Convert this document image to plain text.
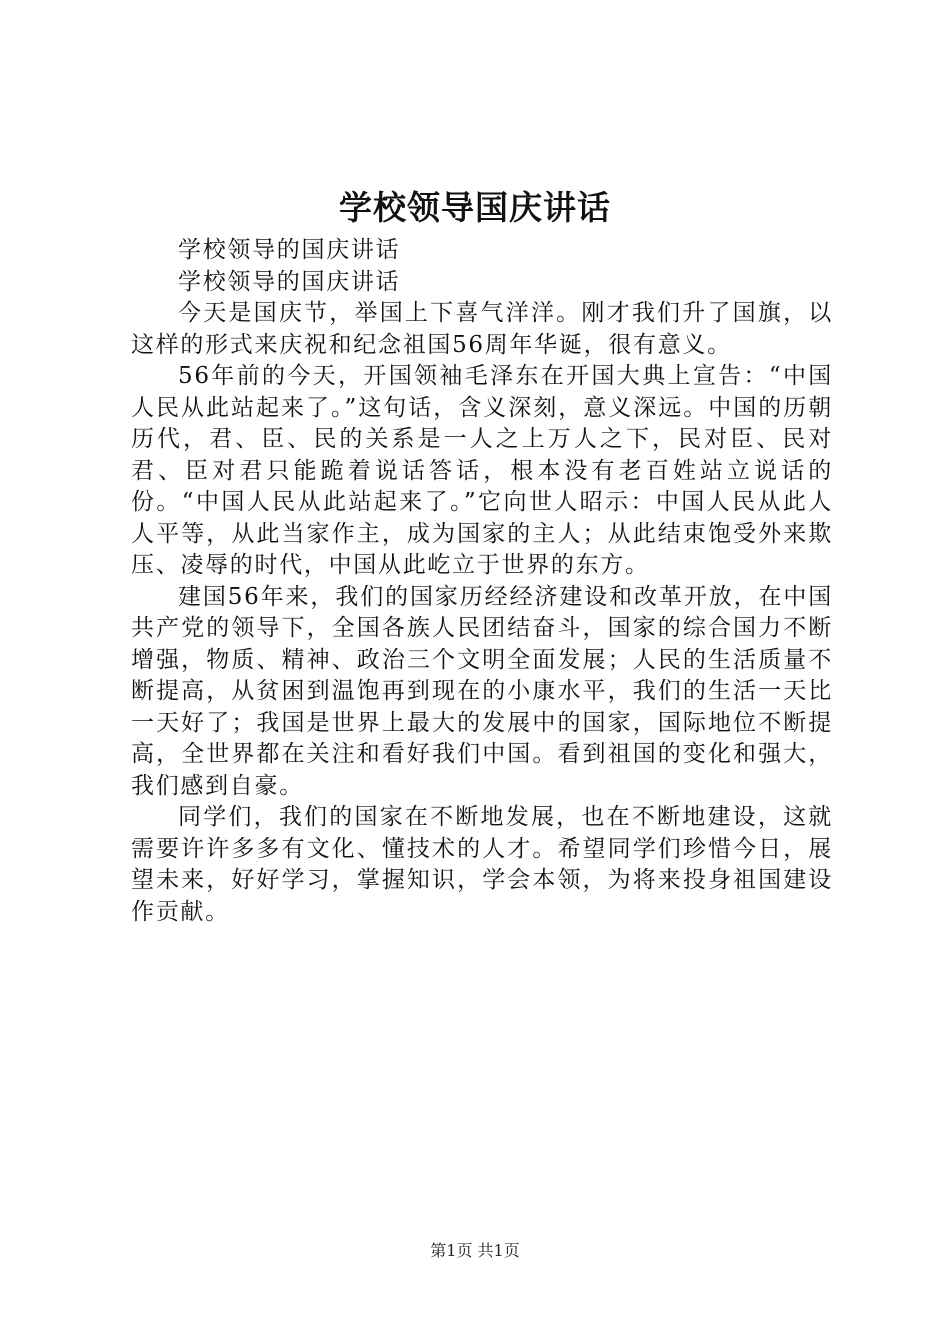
学校领导国庆讲话

学校领导的国庆讲话

学校领导的国庆讲话

今天是国庆节，举国上下喜气洋洋。刚才我们升了国旗，以这样的形式来庆祝和纪念祖国56周年华诞，很有意义。

56年前的今天，开国领袖毛泽东在开国大典上宣告：“中国人民从此站起来了。”这句话，含义深刻，意义深远。中国的历朝历代，君、臣、民的关系是一人之上万人之下，民对臣、民对君、臣对君只能跪着说话答话，根本没有老百姓站立说话的份。“中国人民从此站起来了。”它向世人昭示：中国人民从此人人平等，从此当家作主，成为国家的主人；从此结束饱受外来欺压、凌辱的时代，中国从此屹立于世界的东方。

建国56年来，我们的国家历经经济建设和改革开放，在中国共产党的领导下，全国各族人民团结奋斗，国家的综合国力不断增强，物质、精神、政治三个文明全面发展；人民的生活质量不断提高，从贫困到温饱再到现在的小康水平，我们的生活一天比一天好了；我国是世界上最大的发展中的国家，国际地位不断提高，全世界都在关注和看好我们中国。看到祖国的变化和强大，我们感到自豪。

同学们，我们的国家在不断地发展，也在不断地建设，这就需要许许多多有文化、懂技术的人才。希望同学们珍惜今日，展望未来，好好学习，掌握知识，学会本领，为将来投身祖国建设作贡献。

第1页 共1页
